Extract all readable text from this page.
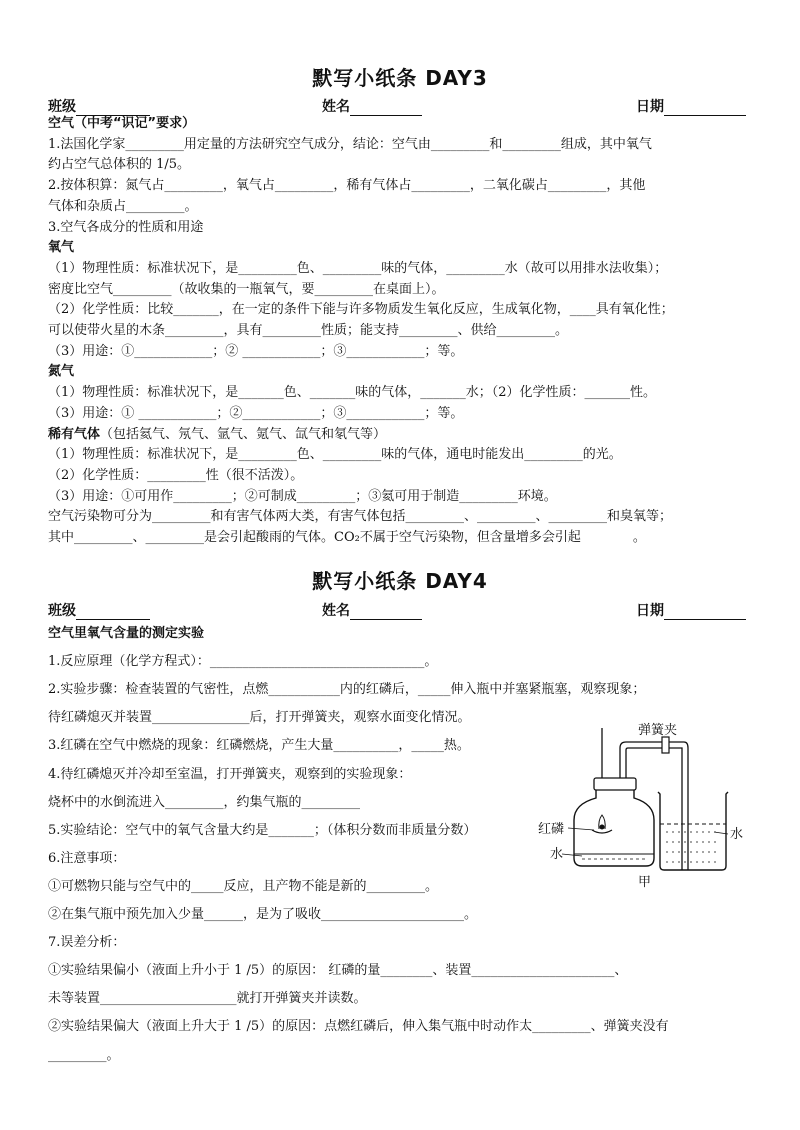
默写小纸条 DAY3
班级	姓名	日期
空气（中考“识记”要求）
1.法国化学家_________用定量的方法研究空气成分，结论：空气由_________和_________组成，其中氧气
约占空气总体积的 1/5。
2.按体积算：氮气占_________，氧气占_________，稀有气体占_________，二氧化碳占_________，其他
气体和杂质占_________。
3.空气各成分的性质和用途
氧气
（1）物理性质：标准状况下，是_________色、_________味的气体，_________水（故可以用排水法收集）；
密度比空气_________（故收集的一瓶氧气，要_________在桌面上）。
（2）化学性质：比较_______，在一定的条件下能与许多物质发生氧化反应，生成氧化物，____具有氧化性；
可以使带火星的木条_________，具有_________性质；能支持_________、供给_________。
（3）用途：①____________；② ____________；③____________；等。
氮气
（1）物理性质：标准状况下，是_______色、_______味的气体，_______水；（2）化学性质：_______性。
（3）用途：① ____________；②____________；③____________；等。
稀有气体（包括氦气、氖气、氩气、氪气、氙气和氡气等）
（1）物理性质：标准状况下，是_________色、_________味的气体，通电时能发出_________的光。
（2）化学性质：_________性（很不活泼）。
（3）用途：①可用作_________；②可制成_________；③氦可用于制造_________环境。
空气污染物可分为_________和有害气体两大类，有害气体包括_________、_________、_________和臭氧等；
其中_________、_________是会引起酸雨的气体。CO₂不属于空气污染物，但含量增多会引起　　　　。
默写小纸条 DAY4
班级	姓名	日期
空气里氧气含量的测定实验
1.反应原理（化学方程式）：_________________________________。
2.实验步骤：检查装置的气密性，点燃___________内的红磷后，_____伸入瓶中并塞紧瓶塞，观察现象；
待红磷熄灭并装置_______________后，打开弹簧夹，观察水面变化情况。
3.红磷在空气中燃烧的现象：红磷燃烧，产生大量__________，_____热。
4.待红磷熄灭并冷却至室温，打开弹簧夹，观察到的实验现象：
烧杯中的水倒流进入_________，约集气瓶的_________
5.实验结论：空气中的氧气含量大约是_______；（体积分数而非质量分数）
6.注意事项：
①可燃物只能与空气中的_____反应，且产物不能是新的_________。
②在集气瓶中预先加入少量______，是为了吸收______________________。
7.误差分析：
①实验结果偏小（液面上升小于 1 /5）的原因： 红磷的量________、装置______________________、
未等装置_____________________就打开弹簧夹并读数。
②实验结果偏大（液面上升大于 1 /5）的原因：点燃红磷后，伸入集气瓶中时动作太_________、弹簧夹没有
_________。
弹簧夹
红磷
水
水
甲
